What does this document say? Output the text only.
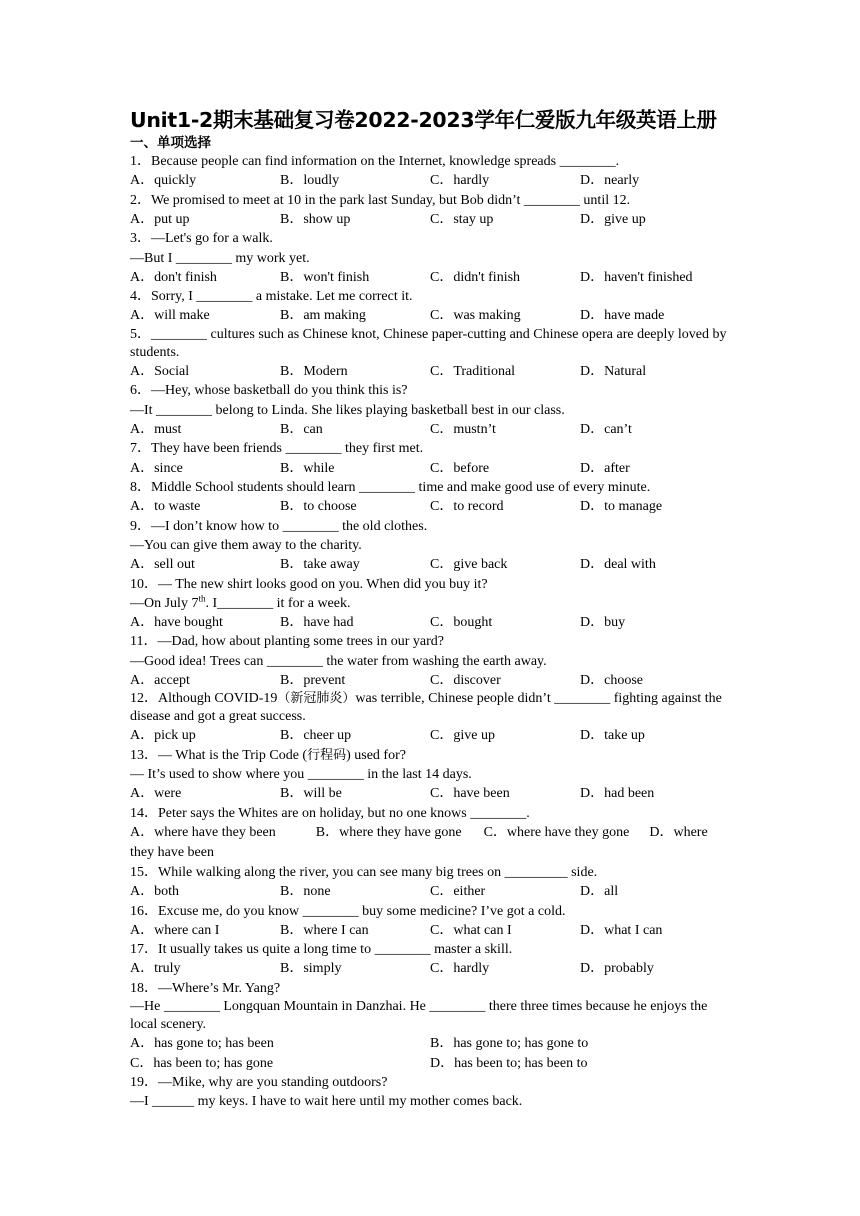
Unit1-2期末基础复习卷2022-2023学年仁爱版九年级英语上册
一、单项选择
1．Because people can find information on the Internet, knowledge spreads ________.
A．quickly	B．loudly	C．hardly	D．nearly
2．We promised to meet at 10 in the park last Sunday, but Bob didn’t ________ until 12.
A．put up	B．show up	C．stay up	D．give up
3．—Let's go for a walk.
—But I ________ my work yet.
A．don't finish	B．won't finish	C．didn't finish	D．haven't finished
4．Sorry, I ________ a mistake. Let me correct it.
A．will make	B．am making	C．was making	D．have made
5．________ cultures such as Chinese knot, Chinese paper-cutting and Chinese opera are deeply loved by students.
A．Social	B．Modern	C．Traditional	D．Natural
6．—Hey, whose basketball do you think this is?
—It ________ belong to Linda. She likes playing basketball best in our class.
A．must	B．can	C．mustn’t	D．can’t
7．They have been friends ________ they first met.
A．since	B．while	C．before	D．after
8．Middle School students should learn ________ time and make good use of every minute.
A．to waste	B．to choose	C．to record	D．to manage
9．—I don’t know how to ________ the old clothes.
—You can give them away to the charity.
A．sell out	B．take away	C．give back	D．deal with
10．— The new shirt looks good on you. When did you buy it?
—On July 7th. I________ it for a week.
A．have bought	B．have had	C．bought	D．buy
11．—Dad, how about planting some trees in our yard?
—Good idea! Trees can ________ the water from washing the earth away.
A．accept	B．prevent	C．discover	D．choose
12．Although COVID-19（新冠肺炎）was terrible, Chinese people didn’t ________ fighting against the disease and got a great success.
A．pick up	B．cheer up	C．give up	D．take up
13．— What is the Trip Code (行程码) used for?
— It’s used to show where you ________ in the last 14 days.
A．were	B．will be	C．have been	D．had been
14．Peter says the Whites are on holiday, but no one knows ________.
A．where have they been	B．where they have gone C．where have they gone D．where they have been
15．While walking along the river, you can see many big trees on _________ side.
A．both	B．none	C．either	D．all
16．Excuse me, do you know ________ buy some medicine? I’ve got a cold.
A．where can I	B．where I can	C．what can I	D．what I can
17．It usually takes us quite a long time to ________ master a skill.
A．truly	B．simply	C．hardly	D．probably
18．—Where’s Mr. Yang?
—He ________ Longquan Mountain in Danzhai. He ________ there three times because he enjoys the local scenery.
A．has gone to; has been	B．has gone to; has gone to
C．has been to; has gone	D．has been to; has been to
19．—Mike, why are you standing outdoors?
—I ______ my keys. I have to wait here until my mother comes back.
